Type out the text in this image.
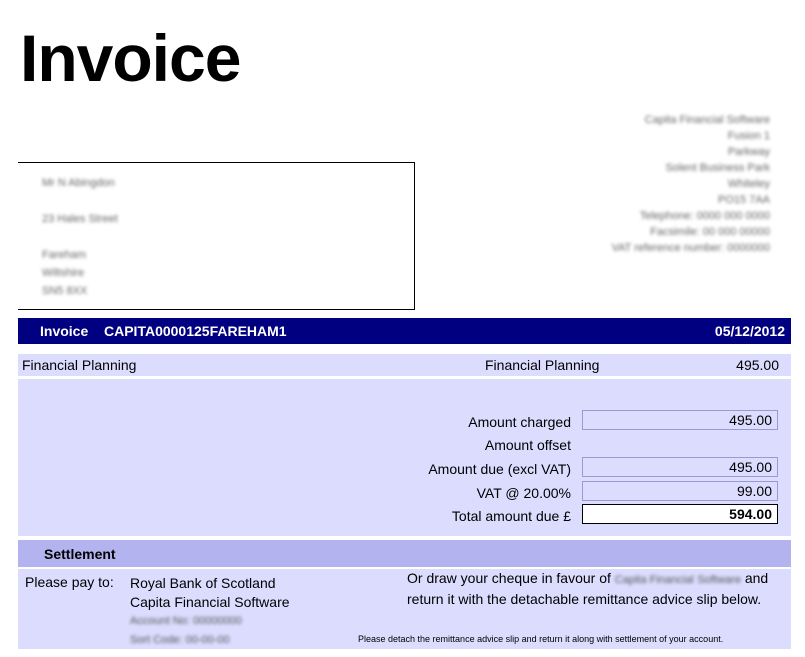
Invoice
Capita Financial Software
Fusion 1
Parkway
Solent Business Park
Whiteley
PO15 7AA
Telephone: 0000 000 0000
Facsimile: 00 000 00000
VAT reference number: 0000000
Mr N Abingdon
23 Hales Street
Fareham
Wiltshire
SN5 8XX
Invoice CAPITA0000125FAREHAM1	05/12/2012
Financial Planning	Financial Planning	495.00
Amount charged	495.00
Amount offset
Amount due (excl VAT)	495.00
VAT @ 20.00%	99.00
Total amount due £	594.00
Settlement
Please pay to: Royal Bank of Scotland
Capita Financial Software
Account No: 00000000
Sort Code: 00-00-00
Or draw your cheque in favour of Capita Financial Software and return it with the detachable remittance advice slip below.
Please detach the remittance advice slip and return it along with settlement of your account.
